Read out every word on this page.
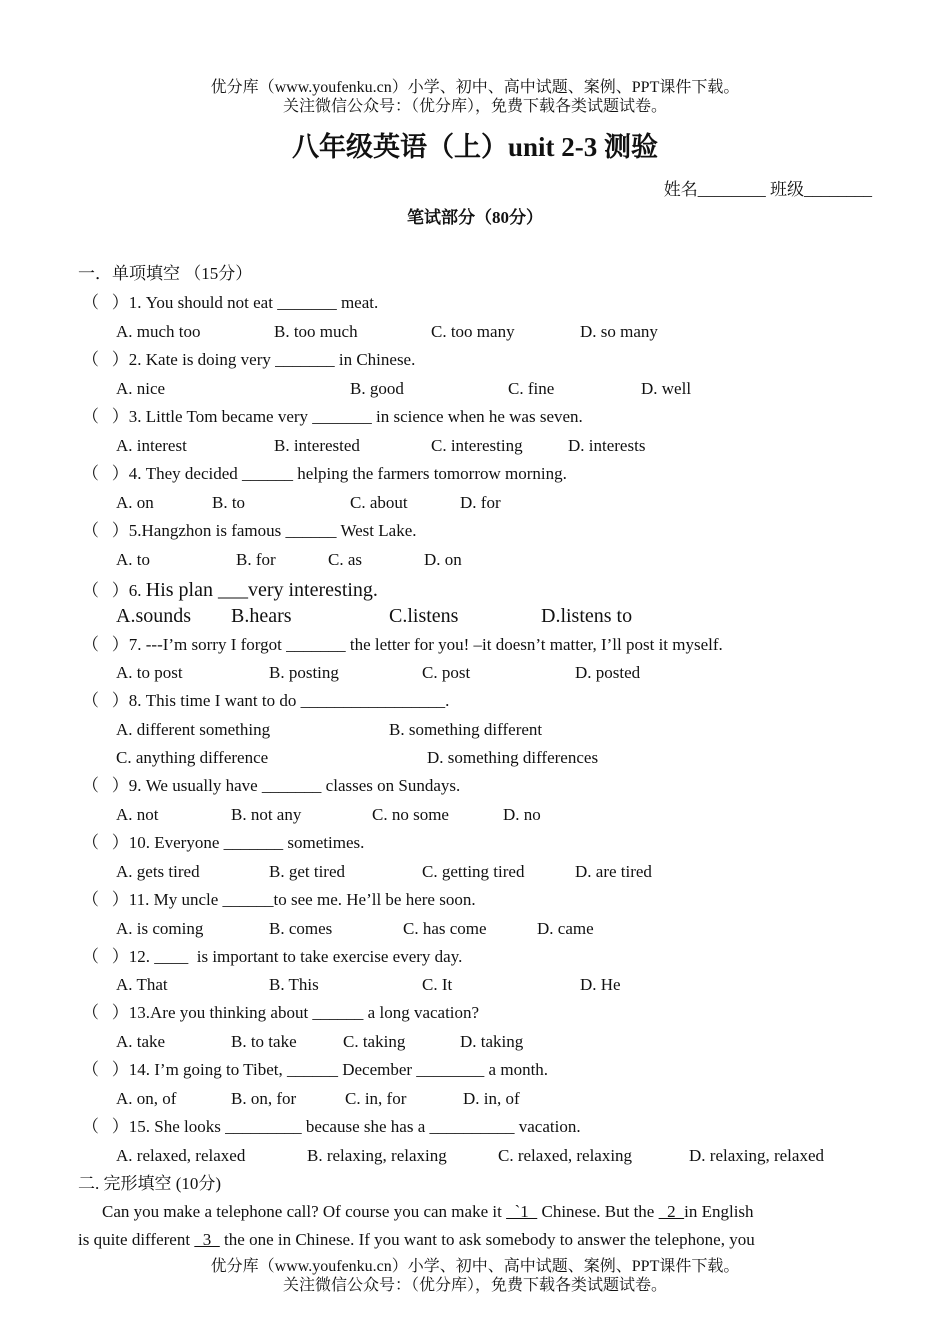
优分库（www.youfenku.cn）小学、初中、高中试题、案例、PPT课件下载。
关注微信公众号：（优分库），免费下载各类试题试卷。
八年级英语（上）unit 2-3 测验
姓名________ 班级________
笔试部分（80分）
一．单项填空 （15分）
（   ）1. You should not eat _______ meat.
A. much too	B. too much	C. too many	D. so many
（   ）2. Kate is doing very _______ in Chinese.
A. nice	B. good	C. fine	D. well
（   ）3. Little Tom became very _______ in science when he was seven.
A. interest	B. interested	C. interesting	D. interests
（   ）4. They decided ______ helping the farmers tomorrow morning.
A. on	B. to	C. about	D. for
（   ）5.Hangzhon is famous ______ West Lake.
A. to	B. for	C. as	D. on
（   ）6. His plan ___very interesting.
A.sounds B.hears	C.listens	D.listens to
（   ）7. ---I’m sorry I forgot _______ the letter for you! –it doesn’t matter, I’ll post it myself.
A. to post	B. posting	C. post	D. posted
（   ）8. This time I want to do _________________.
A. different something	B. something different
C. anything difference	D. something differences
（   ）9. We usually have _______ classes on Sundays.
A. not	B. not any	C. no some	D. no
（   ）10. Everyone _______ sometimes.
A. gets tired	B. get tired	C. getting tired	D. are tired
（   ）11. My uncle ______to see me. He’ll be here soon.
A. is coming	B. comes	C. has come	D. came
（   ）12. ____  is important to take exercise every day.
A. That	B. This	C. It	D. He
（   ）13.Are you thinking about ______ a long vacation?
A. take	B. to take	C. taking	D. taking
（   ）14. I’m going to Tibet, ______ December ________ a month.
A. on, of	B. on, for	C. in, for	D. in, of
（   ）15. She looks _________ because she has a __________ vacation.
A. relaxed, relaxed	B. relaxing, relaxing	C. relaxed, relaxing	D. relaxing, relaxed
二. 完形填空 (10分)
Can you make a telephone call? Of course you can make it   `1   Chinese. But the   2  in English
is quite different   3   the one in Chinese. If you want to ask somebody to answer the telephone, you
优分库（www.youfenku.cn）小学、初中、高中试题、案例、PPT课件下载。
关注微信公众号：（优分库），免费下载各类试题试卷。
